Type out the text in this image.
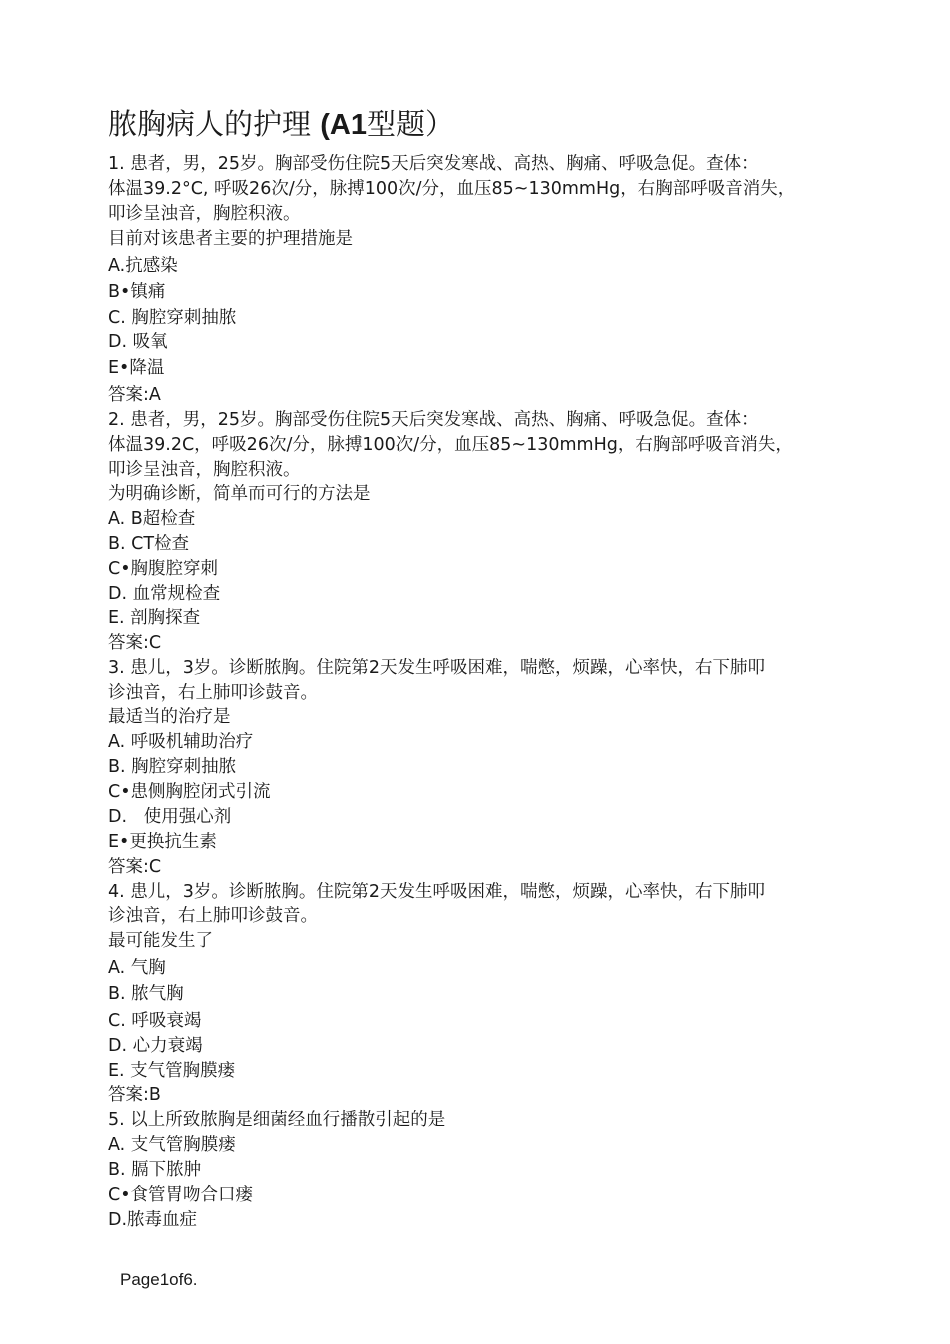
脓胸病人的护理 (A1型题）
1. 患者，男，25岁。胸部受伤住院5天后突发寒战、高热、胸痛、呼吸急促。查体：
体温39.2°C, 呼吸26次/分，脉搏100次/分，血压85~130mmHg，右胸部呼吸音消失，
叩诊呈浊音，胸腔积液。
目前对该患者主要的护理措施是
A.抗感染
B•镇痛
C. 胸腔穿刺抽脓
D. 吸氧
E•降温
答案:A
2. 患者，男，25岁。胸部受伤住院5天后突发寒战、高热、胸痛、呼吸急促。查体：
体温39.2C，呼吸26次/分，脉搏100次/分，血压85~130mmHg，右胸部呼吸音消失，
叩诊呈浊音，胸腔积液。
为明确诊断，简单而可行的方法是
A. B超检查
B. CT检查
C•胸腹腔穿刺
D. 血常规检查
E. 剖胸探查
答案:C
3. 患儿，3岁。诊断脓胸。住院第2天发生呼吸困难，喘憋，烦躁，心率快，右下肺叩
诊浊音，右上肺叩诊鼓音。
最适当的治疗是
A. 呼吸机辅助治疗
B. 胸腔穿刺抽脓
C•患侧胸腔闭式引流
D.   使用强心剂
E•更换抗生素
答案:C
4. 患儿，3岁。诊断脓胸。住院第2天发生呼吸困难，喘憋，烦躁，心率快，右下肺叩
诊浊音，右上肺叩诊鼓音。
最可能发生了
A. 气胸
B. 脓气胸
C. 呼吸衰竭
D. 心力衰竭
E. 支气管胸膜瘘
答案:B
5. 以上所致脓胸是细菌经血行播散引起的是
A. 支气管胸膜瘘
B. 膈下脓肿
C•食管胃吻合口瘘
D.脓毒血症
Page1of6.
